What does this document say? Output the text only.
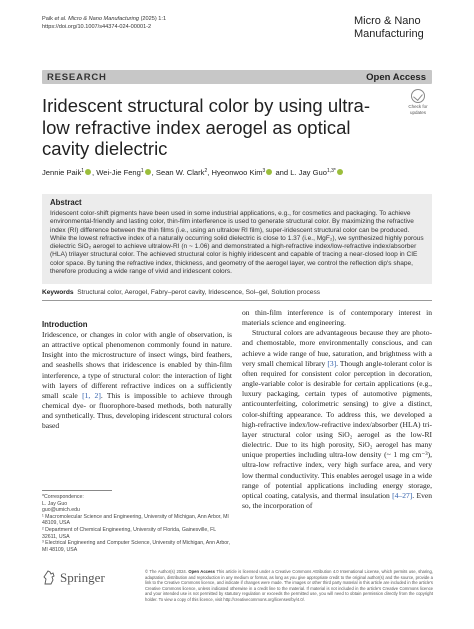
Paik et al. Micro & Nano Manufacturing (2025) 1:1
https://doi.org/10.1007/s44374-024-00001-2	Micro & Nano
Manufacturing
RESEARCH	Open Access
Iridescent structural color by using ultra-low refractive index aerogel as optical cavity dielectric
Check for
updates
Jennie Paik$^1$ , Wei-Jie Feng$^1$ , Sean W. Clark$^2$, Hyeonwoo Kim$^3$ and L. Jay Guo$^{1,3*}$
Abstract
Iridescent color-shift pigments have been used in some industrial applications, e.g., for cosmetics and packaging. To achieve environmental-friendly and lasting color, thin-film interference is used to generate structural color. By maximizing the refractive index (RI) difference between the thin films (i.e., using an ultralow RI film), super-iridescent structural color can be produced. While the lowest refractive index of a naturally occurring solid dielectric is close to 1.37 (i.e., MgF₂), we synthesized highly porous dielectric SiO₂ aerogel to achieve ultralow-RI (n ~ 1.06) and demonstrated a high-refractive index/low-refractive index/absorber (HLA) trilayer structural color. The achieved structural color is highly iridescent and capable of tracing a near-closed loop in CIE color space. By tuning the refractive index, thickness, and geometry of the aerogel layer, we control the reflection dip's shape, therefore producing a wide range of vivid and iridescent colors.
Keywords Structural color, Aerogel, Fabry–perot cavity, Iridescence, Sol–gel, Solution process
Introduction

Iridescence, or changes in color with angle of observation, is an attractive optical phenomenon commonly found in nature. Insight into the microstructure of insect wings, bird feathers, and seashells shows that iridescence is enabled by thin-film interference, a type of structural color: the interaction of light with layers of different refractive indices on a sufficiently small scale [1, 2]. This is impossible to achieve through chemical dye- or fluorophore-based methods, both naturally and synthetically. Thus, developing iridescent structural colors based

on thin-film interference is of contemporary interest in materials science and engineering.

Structural colors are advantageous because they are photo- and chemostable, more environmentally conscious, and can achieve a wide range of hue, saturation, and brightness with a very small chemical library [3]. Though angle-tolerant color is often required for consistent color perception in decoration, angle-variable color is desirable for certain applications (e.g., luxury packaging, certain types of automotive pigments, anticounterfeiting, colorimetric sensing) to give a distinct, color-shifting appearance. To address this, we developed a high-refractive index/low-refractive index/absorber (HLA) tri-layer structural color using SiO₂ aerogel as the low-RI dielectric. Due to its high porosity, SiO₂ aerogel has many unique properties including ultra-low density (~ 1 mg cm⁻³), ultra-low refractive index, very high surface area, and very low thermal conductivity. This enables aerogel usage in a wide range of potential applications including energy storage, optical coating, catalysis, and thermal insulation [4–27]. Even so, the incorporation of

*Correspondence:
L. Jay Guo
guo@umich.edu
¹ Macromolecular Science and Engineering, University of Michigan, Ann Arbor, MI 48109, USA
² Department of Chemical Engineering, University of Florida, Gainesville, FL 32611, USA
³ Electrical Engineering and Computer Science, University of Michigan, Ann Arbor, MI 48109, USA
Springer	© The Author(s) 2024. Open Access This article is licensed under a Creative Commons Attribution 4.0 International License, which permits use, sharing, adaptation, distribution and reproduction in any medium or format, as long as you give appropriate credit to the original author(s) and the source, provide a link to the Creative Commons licence, and indicate if changes were made. The images or other third party material in this article are included in the article's Creative Commons licence, unless indicated otherwise in a credit line to the material. If material is not included in the article's Creative Commons licence and your intended use is not permitted by statutory regulation or exceeds the permitted use, you will need to obtain permission directly from the copyright holder. To view a copy of this licence, visit http://creativecommons.org/licenses/by/4.0/.
